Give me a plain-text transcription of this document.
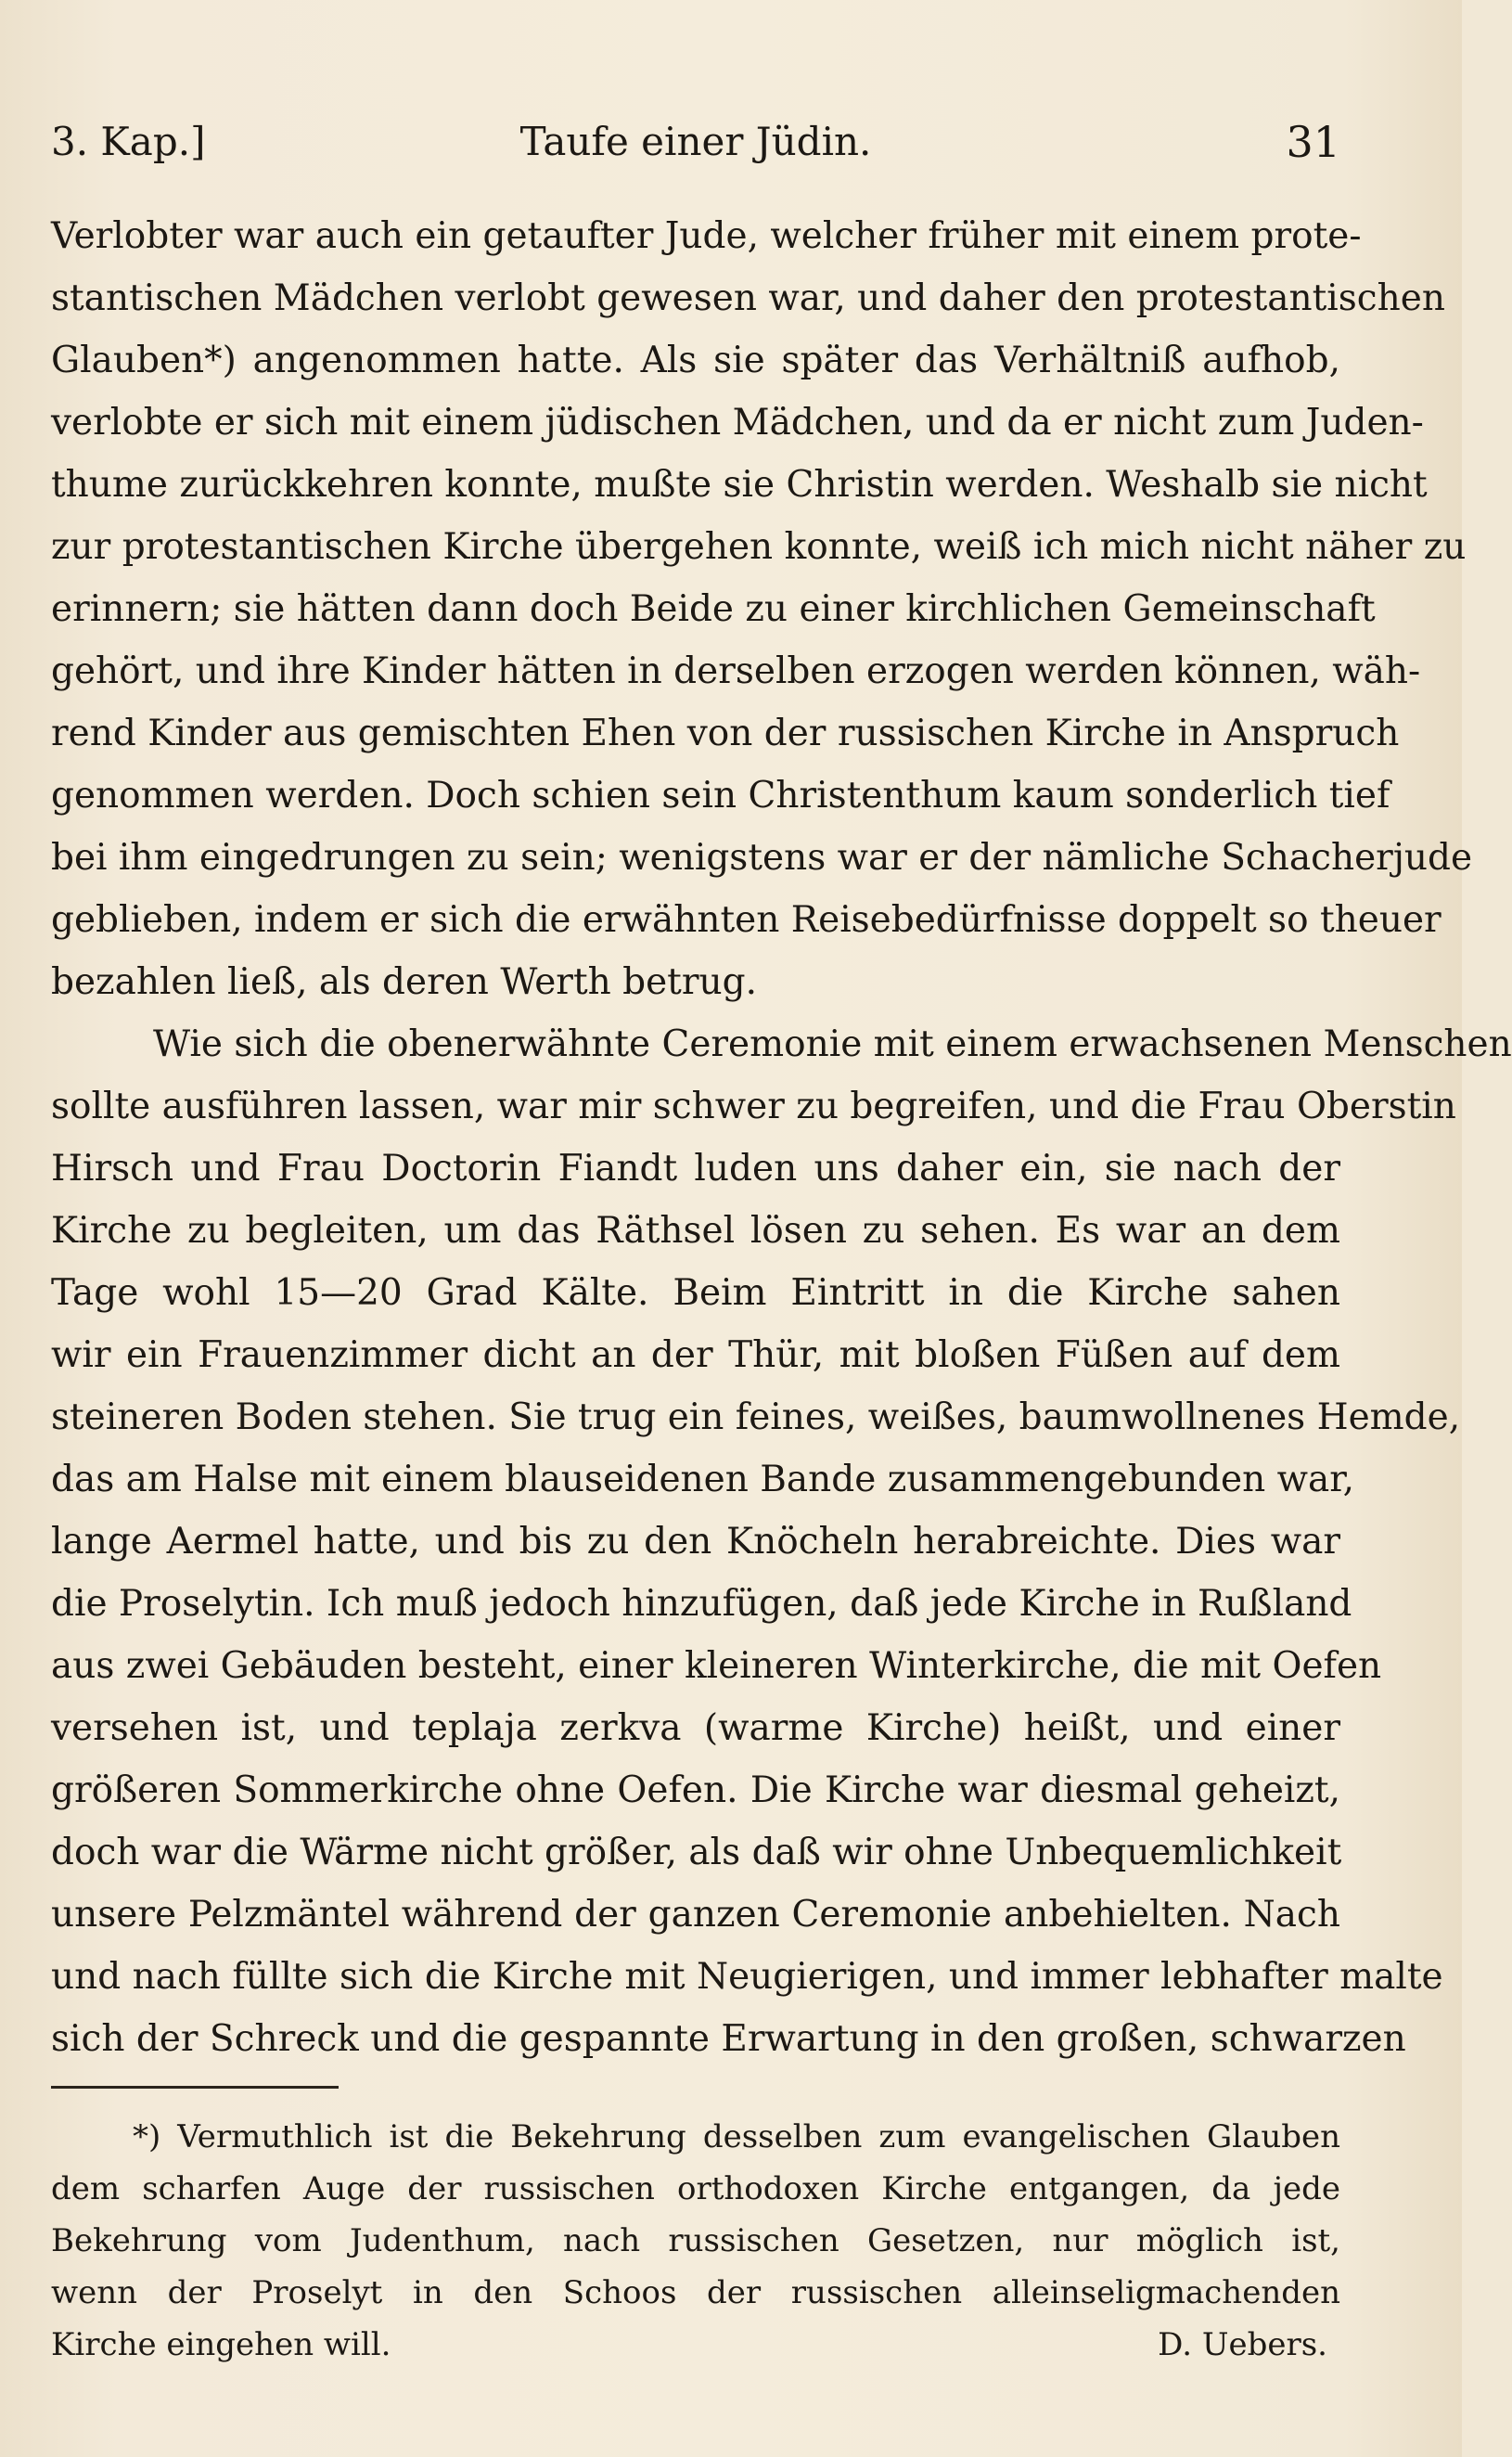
3. Kap.]	Taufe einer Jüdin.	31
Verlobter war auch ein getaufter Jude, welcher früher mit einem prote-
stantischen Mädchen verlobt gewesen war, und daher den protestantischen
Glauben*) angenommen hatte. Als sie später das Verhältniß aufhob,
verlobte er sich mit einem jüdischen Mädchen, und da er nicht zum Juden-
thume zurückkehren konnte, mußte sie Christin werden. Weshalb sie nicht
zur protestantischen Kirche übergehen konnte, weiß ich mich nicht näher zu
erinnern; sie hätten dann doch Beide zu einer kirchlichen Gemeinschaft
gehört, und ihre Kinder hätten in derselben erzogen werden können, wäh-
rend Kinder aus gemischten Ehen von der russischen Kirche in Anspruch
genommen werden. Doch schien sein Christenthum kaum sonderlich tief
bei ihm eingedrungen zu sein; wenigstens war er der nämliche Schacherjude
geblieben, indem er sich die erwähnten Reisebedürfnisse doppelt so theuer
bezahlen ließ, als deren Werth betrug.
Wie sich die obenerwähnte Ceremonie mit einem erwachsenen Menschen
sollte ausführen lassen, war mir schwer zu begreifen, und die Frau Oberstin
Hirsch und Frau Doctorin Fiandt luden uns daher ein, sie nach der
Kirche zu begleiten, um das Räthsel lösen zu sehen. Es war an dem
Tage wohl 15—20 Grad Kälte. Beim Eintritt in die Kirche sahen
wir ein Frauenzimmer dicht an der Thür, mit bloßen Füßen auf dem
steineren Boden stehen. Sie trug ein feines, weißes, baumwollnenes Hemde,
das am Halse mit einem blauseidenen Bande zusammengebunden war,
lange Aermel hatte, und bis zu den Knöcheln herabreichte. Dies war
die Proselytin. Ich muß jedoch hinzufügen, daß jede Kirche in Rußland
aus zwei Gebäuden besteht, einer kleineren Winterkirche, die mit Oefen
versehen ist, und teplaja zerkva (warme Kirche) heißt, und einer
größeren Sommerkirche ohne Oefen. Die Kirche war diesmal geheizt,
doch war die Wärme nicht größer, als daß wir ohne Unbequemlichkeit
unsere Pelzmäntel während der ganzen Ceremonie anbehielten. Nach
und nach füllte sich die Kirche mit Neugierigen, und immer lebhafter malte
sich der Schreck und die gespannte Erwartung in den großen, schwarzen
*) Vermuthlich ist die Bekehrung desselben zum evangelischen Glauben
dem scharfen Auge der russischen orthodoxen Kirche entgangen, da jede
Bekehrung vom Judenthum, nach russischen Gesetzen, nur möglich ist,
wenn der Proselyt in den Schoos der russischen alleinseligmachenden
Kirche eingehen will.	D. Uebers.
